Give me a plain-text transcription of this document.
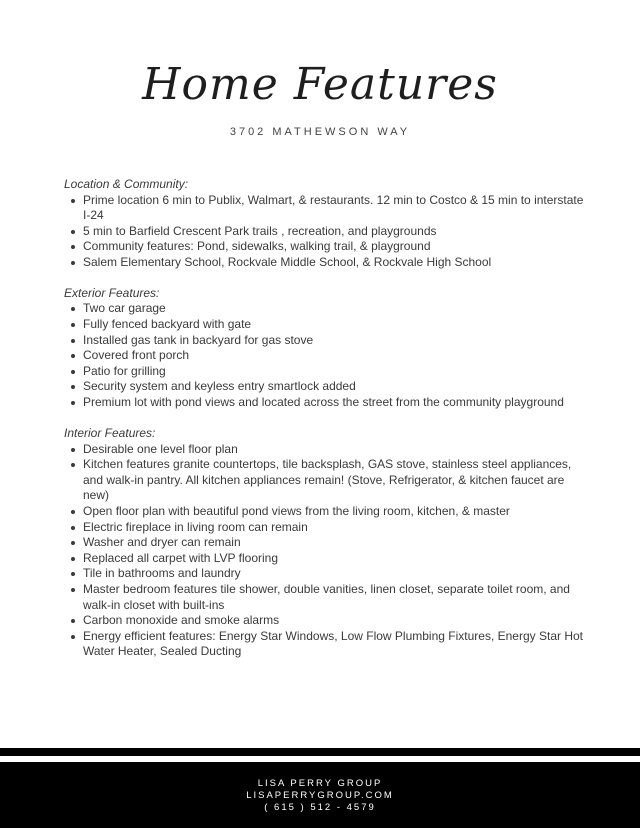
Home Features

3702 MATHEWSON WAY

Location & Community:

Prime location 6 min to Publix, Walmart, & restaurants. 12 min to Costco & 15 min to interstate I-24
5 min to Barfield Crescent Park trails , recreation, and playgrounds
Community features: Pond, sidewalks, walking trail, & playground
Salem Elementary School, Rockvale Middle School, & Rockvale High School

Exterior Features:

Two car garage
Fully fenced backyard with gate
Installed gas tank in backyard for gas stove
Covered front porch
Patio for grilling
Security system and keyless entry smartlock added
Premium lot with pond views and located across the street from the community playground

Interior Features:

Desirable one level floor plan
Kitchen features granite countertops, tile backsplash, GAS stove, stainless steel appliances, and walk-in pantry. All kitchen appliances remain! (Stove, Refrigerator, & kitchen faucet are new)
Open floor plan with beautiful pond views from the living room, kitchen, & master
Electric fireplace in living room can remain
Washer and dryer can remain
Replaced all carpet with LVP flooring
Tile in bathrooms and laundry
Master bedroom features tile shower, double vanities, linen closet, separate toilet room, and walk-in closet with built-ins
Carbon monoxide and smoke alarms
Energy efficient features: Energy Star Windows, Low Flow Plumbing Fixtures, Energy Star Hot Water Heater, Sealed Ducting
LISA PERRY GROUP
LISAPERRYGROUP.COM
( 615 ) 512 - 4579
